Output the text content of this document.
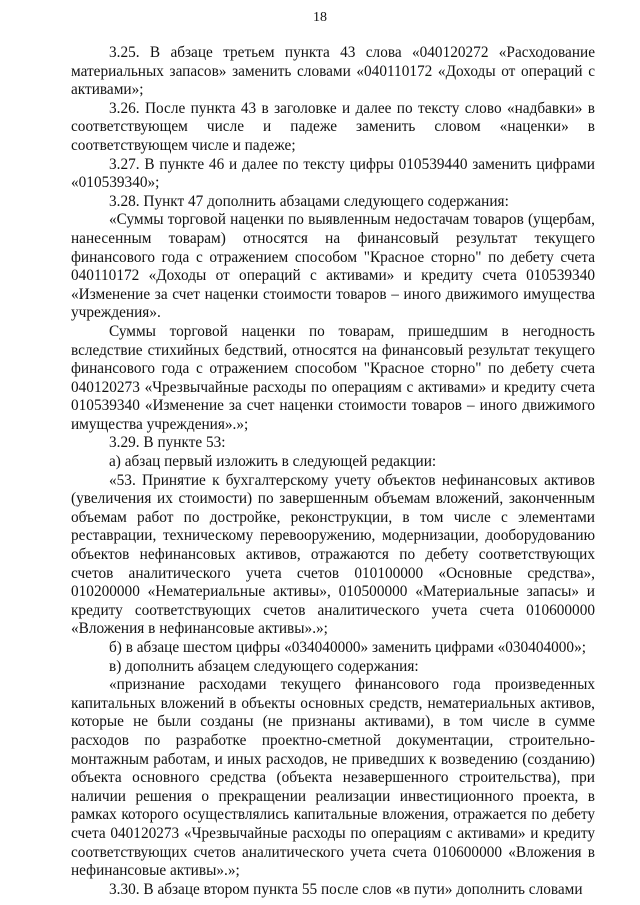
18

3.25. В абзаце третьем пункта 43 слова «040120272 «Расходование материальных запасов» заменить словами «040110172 «Доходы от операций с активами»;

3.26. После пункта 43 в заголовке и далее по тексту слово «надбавки» в соответствующем числе и падеже заменить словом «наценки» в соответствующем числе и падеже;

3.27. В пункте 46 и далее по тексту цифры 010539440 заменить цифрами «010539340»;

3.28. Пункт 47 дополнить абзацами следующего содержания:

«Суммы торговой наценки по выявленным недостачам товаров (ущербам, нанесенным товарам) относятся на финансовый результат текущего финансового года с отражением способом "Красное сторно" по дебету счета 040110172 «Доходы от операций с активами» и кредиту счета 010539340 «Изменение за счет наценки стоимости товаров – иного движимого имущества учреждения».

Суммы торговой наценки по товарам, пришедшим в негодность вследствие стихийных бедствий, относятся на финансовый результат текущего финансового года с отражением способом "Красное сторно" по дебету счета 040120273 «Чрезвычайные расходы по операциям с активами» и кредиту счета 010539340 «Изменение за счет наценки стоимости товаров – иного движимого имущества учреждения».»;

3.29. В пункте 53:

а) абзац первый изложить в следующей редакции:

«53. Принятие к бухгалтерскому учету объектов нефинансовых активов (увеличения их стоимости) по завершенным объемам вложений, законченным объемам работ по достройке, реконструкции, в том числе с элементами реставрации, техническому перевооружению, модернизации, дооборудованию объектов нефинансовых активов, отражаются по дебету соответствующих счетов аналитического учета счетов 010100000 «Основные средства», 010200000 «Нематериальные активы», 010500000 «Материальные запасы» и кредиту соответствующих счетов аналитического учета счета 010600000 «Вложения в нефинансовые активы».»;

б) в абзаце шестом цифры «034040000» заменить цифрами «030404000»;

в) дополнить абзацем следующего содержания:

«признание расходами текущего финансового года произведенных капитальных вложений в объекты основных средств, нематериальных активов, которые не были созданы (не признаны активами), в том числе в сумме расходов по разработке проектно-сметной документации, строительно-монтажным работам, и иных расходов, не приведших к возведению (созданию) объекта основного средства (объекта незавершенного строительства), при наличии решения о прекращении реализации инвестиционного проекта, в рамках которого осуществлялись капитальные вложения, отражается по дебету счета 040120273 «Чрезвычайные расходы по операциям с активами» и кредиту соответствующих счетов аналитического учета счета 010600000 «Вложения в нефинансовые активы».»;

3.30. В абзаце втором пункта 55 после слов «в пути» дополнить словами
